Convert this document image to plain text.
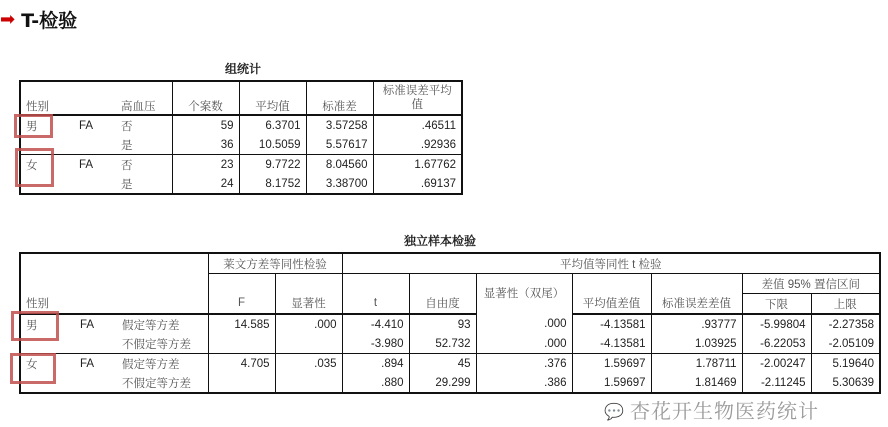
➡ T-检验
组统计
性别		高血压	个案数	平均值	标准差	标准误差平均值
男	FA	否	59	6.3701	3.57258	.46511
		是	36	10.5059	5.57617	.92936
女	FA	否	23	9.7722	8.04560	1.67762
		是	24	8.1752	3.38700	.69137
独立样本检验
			莱文方差等同性检验		平均值等同性 t 检验						
							显著性（双尾）			差值 95% 置信区间	
性别			F	显著性	t	自由度		平均值差值	标准误差差值	下限	上限
男	FA	假定等方差	14.585	.000	-4.410	93	.000	-4.13581	.93777	-5.99804	-2.27358
		不假定等方差			-3.980	52.732	.000	-4.13581	1.03925	-6.22053	-2.05109
女	FA	假定等方差	4.705	.035	.894	45	.376	1.59697	1.78711	-2.00247	5.19640
		不假定等方差			.880	29.299	.386	1.59697	1.81469	-2.11245	5.30639
💬 杏花开生物医药统计
